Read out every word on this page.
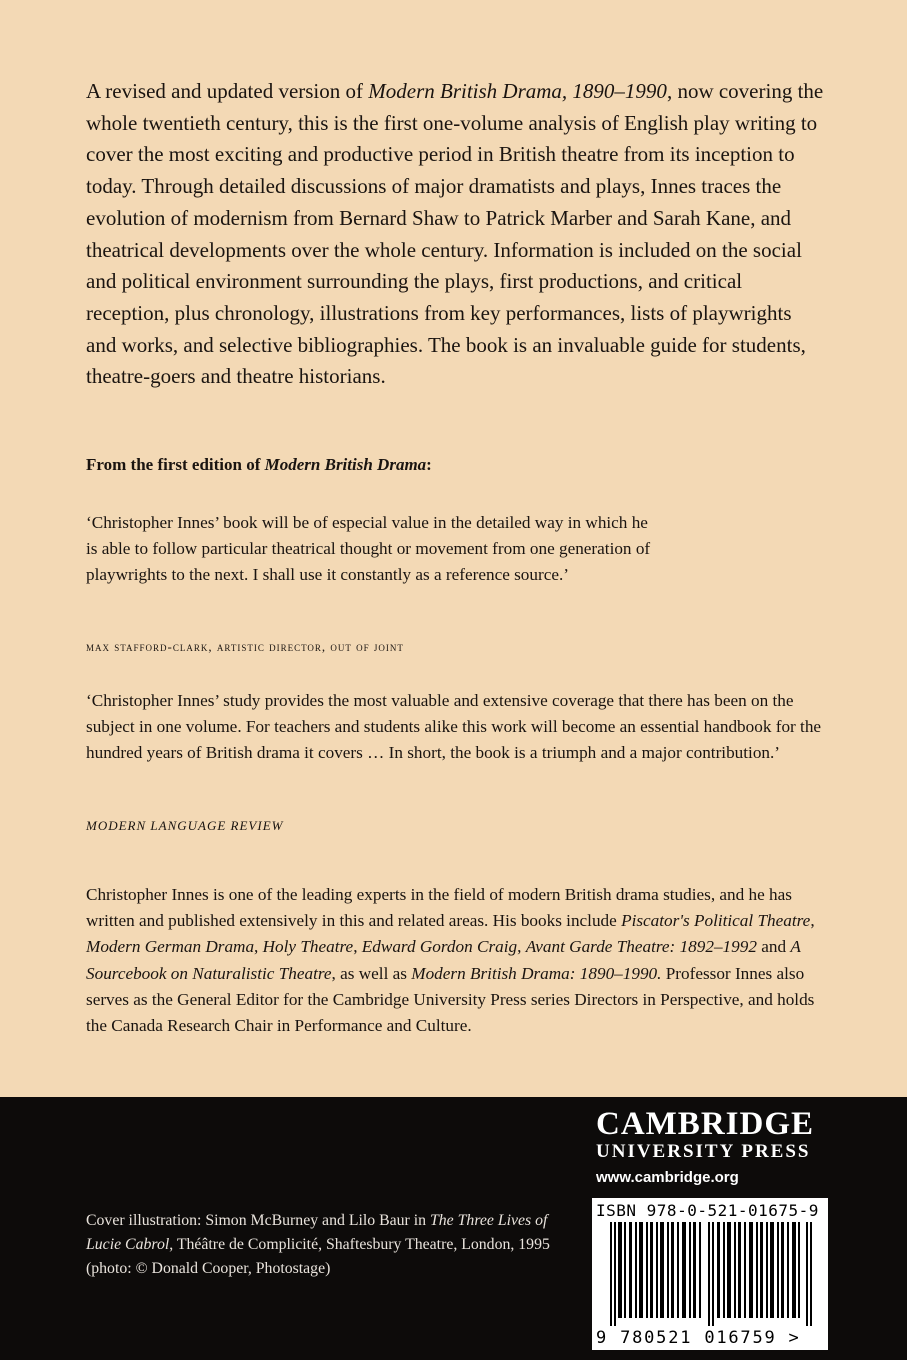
A revised and updated version of Modern British Drama, 1890–1990, now covering the whole twentieth century, this is the first one-volume analysis of English play writing to cover the most exciting and productive period in British theatre from its inception to today. Through detailed discussions of major dramatists and plays, Innes traces the evolution of modernism from Bernard Shaw to Patrick Marber and Sarah Kane, and theatrical developments over the whole century. Information is included on the social and political environment surrounding the plays, first productions, and critical reception, plus chronology, illustrations from key performances, lists of playwrights and works, and selective bibliographies. The book is an invaluable guide for students, theatre-goers and theatre historians.

From the first edition of Modern British Drama:

‘Christopher Innes’ book will be of especial value in the detailed way in which he is able to follow particular theatrical thought or movement from one generation of playwrights to the next. I shall use it constantly as a reference source.’

max stafford-clark, artistic director, out of joint

‘Christopher Innes’ study provides the most valuable and extensive coverage that there has been on the subject in one volume. For teachers and students alike this work will become an essential handbook for the hundred years of British drama it covers … In short, the book is a triumph and a major contribution.’

MODERN LANGUAGE REVIEW

Christopher Innes is one of the leading experts in the field of modern British drama studies, and he has written and published extensively in this and related areas. His books include Piscator's Political Theatre, Modern German Drama, Holy Theatre, Edward Gordon Craig, Avant Garde Theatre: 1892–1992 and A Sourcebook on Naturalistic Theatre, as well as Modern British Drama: 1890–1990. Professor Innes also serves as the General Editor for the Cambridge University Press series Directors in Perspective, and holds the Canada Research Chair in Performance and Culture.

Cover illustration: Simon McBurney and Lilo Baur in The Three Lives of Lucie Cabrol, Théâtre de Complicité, Shaftesbury Theatre, London, 1995 (photo: © Donald Cooper, Photostage)

CAMBRIDGE
UNIVERSITY PRESS
www.cambridge.org
ISBN 978-0-521-01675-9
9 780521 016759 >
